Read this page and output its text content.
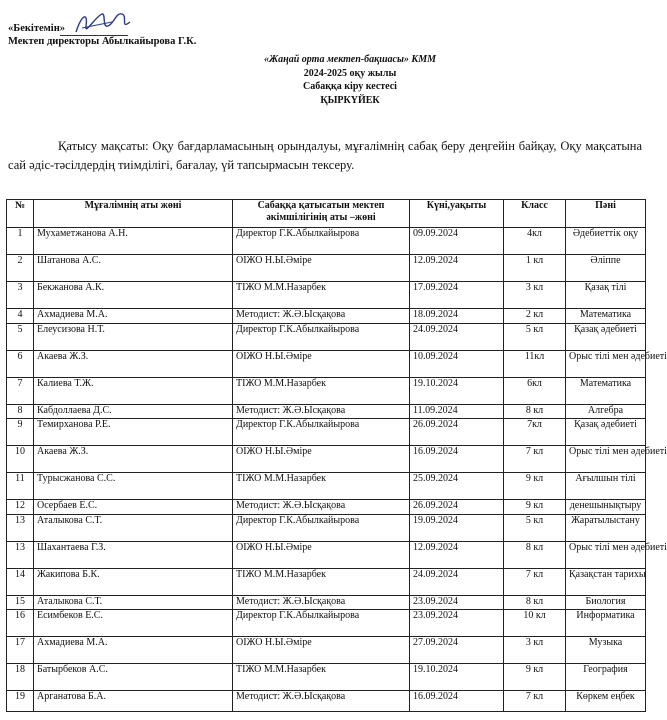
«Бекітемін»
Мектеп директоры Абылкайырова Г.К.
«Жаңай орта мектеп-бақшасы» КММ
2024-2025 оқу жылы
Сабаққа кіру кестесі
ҚЫРКҮЙЕК
Қатысу мақсаты: Оқу бағдарламасының орындалуы, мұғалімнің сабақ беру деңгейін байқау, Оқу мақсатына сай әдіс-тәсілдердің тиімділігі, бағалау, үй тапсырмасын тексеру.
№	Мұғалімнің аты жөні	Сабаққа қатысатын мектеп әкімшілігінің аты –жөні	Күні,уақыты	Класс	Пәні
1	Мухаметжанова А.Н.	Директор Г.К.Абылкайырова	09.09.2024	4кл	Әдебиеттік оқу
2	Шатанова А.С.	ОІЖО Н.Ы.Әміре	12.09.2024	1 кл	Әліппе
3	Бекжанова А.К.	ТІЖО М.М.Назарбек	17.09.2024	3 кл	Қазақ тілі
4	Ахмадиева М.А.	Методист: Ж.Ә.Ысқақова	18.09.2024	2 кл	Математика
5	Елеусизова Н.Т.	Директор Г.К.Абылкайырова	24.09.2024	5 кл	Қазақ әдебиеті
6	Акаева Ж.З.	ОІЖО Н.Ы.Әміре	10.09.2024	11кл	Орыс тілі мен әдебиеті
7	Калиева Т.Ж.	ТІЖО М.М.Назарбек	19.10.2024	6кл	Математика
8	Кабдоллаева Д.С.	Методист: Ж.Ә.Ысқақова	11.09.2024	8 кл	Алгебра
9	Темирханова Р.Е.	Директор Г.К.Абылкайырова	26.09.2024	7кл	Қазақ әдебиеті
10	Акаева Ж.З.	ОІЖО Н.Ы.Әміре	16.09.2024	7 кл	Орыс тілі мен әдебиеті
11	Турысжанова С.С.	ТІЖО М.М.Назарбек	25.09.2024	9 кл	Ағылшын тілі
12	Осербаев Е.С.	Методист: Ж.Ә.Ысқақова	26.09.2024	9 кл	денешынықтыру
13	Аталыкова С.Т.	Директор Г.К.Абылкайырова	19.09.2024	5 кл	Жаратылыстану
13	Шахантаева Г.З.	ОІЖО Н.Ы.Әміре	12.09.2024	8 кл	Орыс тілі мен әдебиеті
14	Жакипова Б.К.	ТІЖО М.М.Назарбек	24.09.2024	7 кл	Қазақстан тарихы
15	Аталыкова С.Т.	Методист: Ж.Ә.Ысқақова	23.09.2024	8 кл	Биология
16	Есимбеков Е.С.	Директор Г.К.Абылкайырова	23.09.2024	10 кл	Информатика
17	Ахмадиева М.А.	ОІЖО Н.Ы.Әміре	27.09.2024	3 кл	Музыка
18	Батырбеков А.С.	ТІЖО М.М.Назарбек	19.10.2024	9 кл	География
19	Арганатова Б.А.	Методист: Ж.Ә.Ысқақова	16.09.2024	7 кл	Көркем еңбек
